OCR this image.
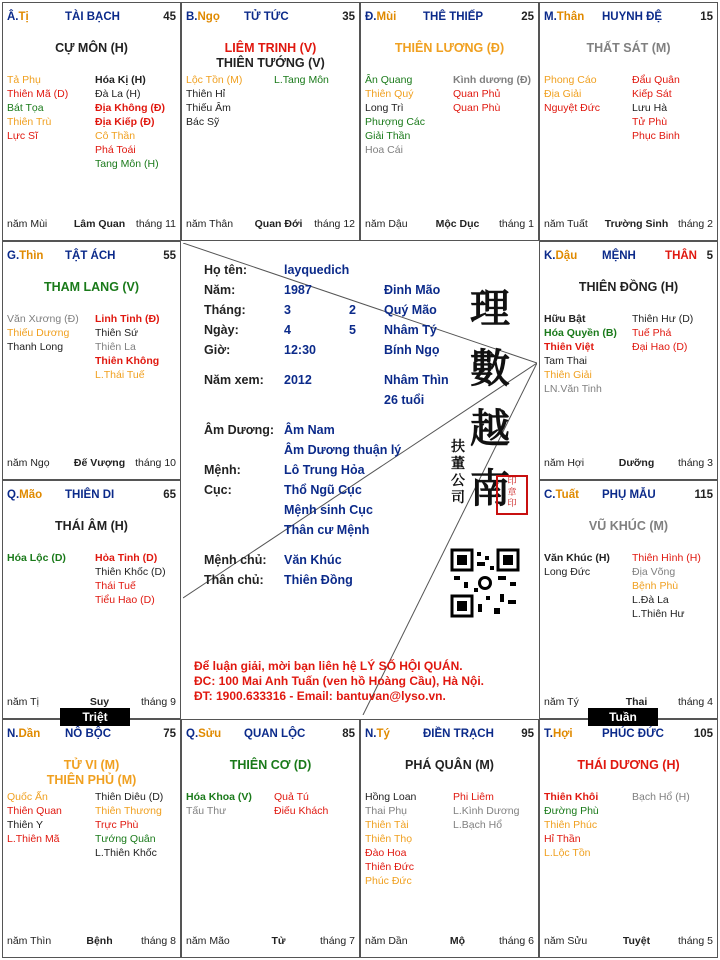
Â.Tị	TÀI BẠCH	45
CỰ MÔN (H)
Tả Phụ
Thiên Mã (D)
Bát Tọa
Thiên Trù
Lực Sĩ
Hóa Kị (H)
Đà La (H)
Địa Không (Đ)
Địa Kiếp (Đ)
Cô Thần
Phá Toái
Tang Môn (H)
năm Mùi	Lâm Quan	tháng 11
B.Ngọ TỬ TỨC	35
LIÊM TRINH (V)
THIÊN TƯỚNG (V)
Lộc Tồn (M)
Thiên Hỉ
Thiếu Âm
Bác Sỹ
L.Tang Môn
năm Thân	Quan Đới	tháng 12
Đ.Mùi THÊ THIẾP	25
THIÊN LƯƠNG (Đ)
Ân Quang
Thiên Quý
Long Trì
Phượng Các
Giải Thần
Hoa Cái
Kình dương (Đ)
Quan Phủ
Quan Phù
năm Dậu	Mộc Dục	tháng 1
M.Thân HUYNH ĐỆ	15
THẤT SÁT (M)
Phong Cáo
Địa Giải
Nguyệt Đức
Đẩu Quân
Kiếp Sát
Lưu Hà
Tử Phù
Phục Binh
năm Tuất Trường Sinh tháng 2
G.Thìn TẬT ÁCH	55
THAM LANG (V)
Văn Xương (Đ)
Thiếu Dương
Thanh Long
Linh Tinh (Đ)
Thiên Sứ
Thiên La
Thiên Không
L.Thái Tuế
năm Ngọ	Đế Vượng tháng 10
K.Dậu MỆNH	THÂN 5
THIÊN ĐỒNG (H)
Hữu Bật
Hóa Quyền (B)
Thiên Việt
Tam Thai
Thiên Giải
LN.Văn Tinh
Thiên Hư (D)
Tuế Phá
Đại Hao (D)
năm Hợi	Dưỡng	tháng 3
Q.Mão THIÊN DI	65
THÁI ÂM (H)
Hóa Lộc (D)	Hỏa Tinh (D)
Thiên Khốc (D)
Thái Tuế
Tiểu Hao (D)
năm Tị	Suy	tháng 9
C.Tuất PHỤ MẪU	115
VŨ KHÚC (M)
Văn Khúc (H)
Long Đức
Thiên Hình (H)
Địa Võng
Bệnh Phù
L.Đà La
L.Thiên Hư
năm Tý	Thai	tháng 4
N.Dần NÔ BỘC	75
TỬ VI (M)
THIÊN PHỦ (M)
Quốc Ấn
Thiên Quan
Thiên Y
L.Thiên Mã
Thiên Diêu (D)
Thiên Thương
Trực Phù
Tướng Quân
L.Thiên Khốc
năm Thìn	Bệnh	tháng 8
Q.Sửu QUAN LỘC	85
THIÊN CƠ (D)
Hóa Khoa (V)
Tấu Thư
Quả Tú
Điếu Khách
năm Mão	Tử	tháng 7
N.Tý	ĐIỀN TRẠCH 95
PHÁ QUÂN (M)
Hồng Loan
Thai Phụ
Thiên Tài
Thiên Thọ
Đào Hoa
Thiên Đức
Phúc Đức
Phi Liêm
L.Kình Dương
L.Bạch Hổ
năm Dần	Mộ	tháng 6
T.Hợi	PHÚC ĐỨC	105
THÁI DƯƠNG (H)
Thiên Khôi
Đường Phù
Thiên Phúc
Hỉ Thần
L.Lộc Tồn
Bạch Hổ (H)
năm Sửu	Tuyệt	tháng 5
Họ tên:	layquedich
Năm:	1987	Đinh Mão
Tháng:	3	2 Quý Mão
Ngày:	4	5 Nhâm Tý
Giờ:	12:30	Bính Ngọ
Năm xem: 2012	Nhâm Thìn
26 tuổi
Âm Dương: Âm Nam
Âm Dương thuận lý
Mệnh:	Lô Trung Hỏa
Cục:	Thổ Ngũ Cục
Mệnh sinh Cục
Thân cư Mệnh
Mệnh chủ: Văn Khúc
Thân chủ: Thiên Đồng
理
數
越
南
扶
董
公
司
印
章
印
Để luận giải, mời bạn liên hệ LÝ SỐ HỘI QUÁN.
ĐC: 100 Mai Anh Tuấn (ven hồ Hoàng Cầu), Hà Nội.
ĐT: 1900.633316 - Email: bantuvan@lyso.vn.
Triệt	Tuần
